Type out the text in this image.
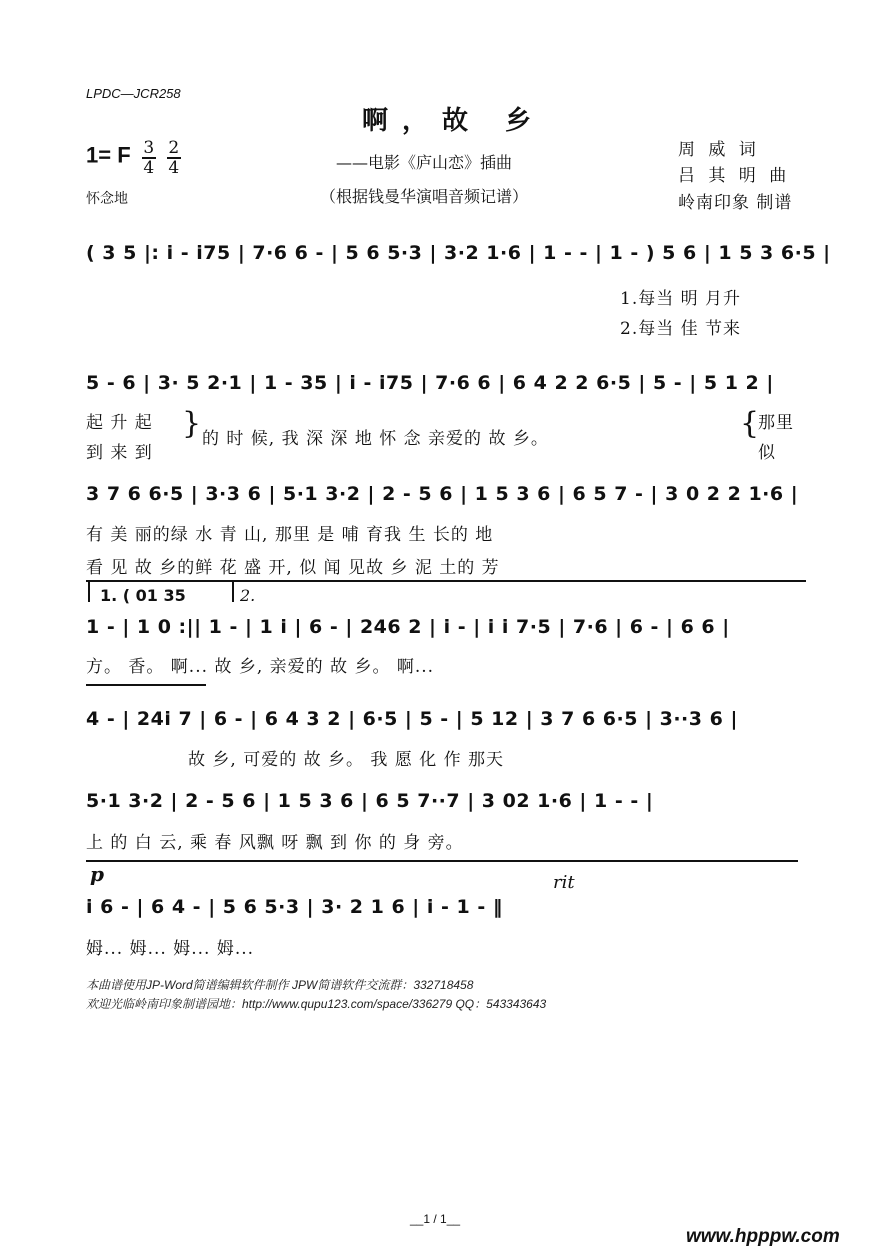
LPDC—JCR258
啊，故 乡
1= F $\frac{3}{4}$
$\frac{2}{4}$	——电影《庐山恋》插曲
（根据钱曼华演唱音频记谱）
怀念地
周 威 词
吕 其 明 曲
岭南印象 制谱
( 3 5 |: i - i75 | 7·6 6 - | 5 6 5·3 | 3·2 1·6 | 1 - - | 1 - ) 5 6 | 1 5 3 6·5 |
1.每当 明 月升
2.每当 佳 节来
5 - 6 | 3· 5 2·1 | 1 - 35 | i - i75 | 7·6 6 | 6 4 2 2 6·5 | 5 - | 5 1 2 |
起 升 起
到 来 到
} 的 时 候, 我 深 深 地 怀 念 亲爱的 故 乡。	{
那里
似
3 7 6 6·5 | 3·3 6 | 5·1 3·2 | 2 - 5 6 | 1 5 3 6 | 6 5 7 - | 3 0 2 2 1·6 |
有 美 丽的绿 水 青 山, 那里 是 哺 育我 生 长的 地
看 见 故 乡的鲜 花 盛 开, 似 闻 见故 乡 泥 土的 芳
1. ( 01 35	2.
1 - | 1 0 :|| 1 - | 1 i | 6 - | 246 2 | i - | i i 7·5 | 7·6 | 6 - | 6 6 |
方。 香。 啊... 故 乡, 亲爱的 故 乡。 啊...
4 - | 24i 7 | 6 - | 6 4 3 2 | 6·5 | 5 - | 5 12 | 3 7 6 6·5 | 3··3 6 |
故 乡, 可爱的 故 乡。 我 愿 化 作 那天
5·1 3·2 | 2 - 5 6 | 1 5 3 6 | 6 5 7··7 | 3 02 1·6 | 1 - - |
上 的 白 云, 乘 春 风飘 呀 飘 到 你 的 身 旁。
p	rit
i 6 - | 6 4 - | 5 6 5·3 | 3· 2 1 6 | i - 1 - ‖
姆... 姆... 姆... 姆...
本曲谱使用JP-Word简谱编辑软件制作 JPW简谱软件交流群：332718458
欢迎光临岭南印象制谱园地：http://www.qupu123.com/space/336279 QQ：543343643
__1 / 1__
www.hpppw.com
